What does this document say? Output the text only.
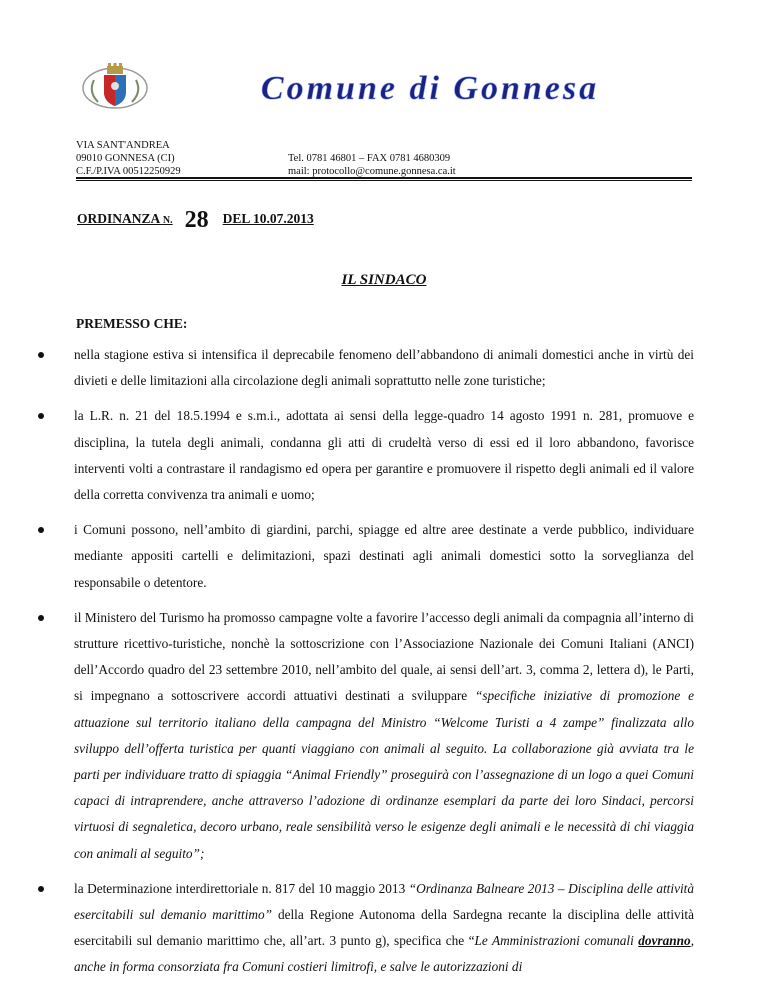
Comune di Gonnesa
VIA SANT'ANDREA
09010 GONNESA (CI)
C.F./P.IVA 00512250929
Tel. 0781 46801 – FAX 0781 4680309
mail: protocollo@comune.gonnesa.ca.it
ORDINANZA N. 28 DEL 10.07.2013
IL SINDACO
PREMESSO CHE:
nella stagione estiva si intensifica il deprecabile fenomeno dell’abbandono di animali domestici anche in virtù dei divieti e delle limitazioni alla circolazione degli animali soprattutto nelle zone turistiche;
la L.R. n. 21 del 18.5.1994 e s.m.i., adottata ai sensi della legge-quadro 14 agosto 1991 n. 281, promuove e disciplina, la tutela degli animali, condanna gli atti di crudeltà verso di essi ed il loro abbandono, favorisce interventi volti a contrastare il randagismo ed opera per garantire e promuovere il rispetto degli animali ed il valore della corretta convivenza tra animali e uomo;
i Comuni possono, nell’ambito di giardini, parchi, spiagge ed altre aree destinate a verde pubblico, individuare mediante appositi cartelli e delimitazioni, spazi destinati agli animali domestici sotto la sorveglianza del responsabile o detentore.
il Ministero del Turismo ha promosso campagne volte a favorire l’accesso degli animali da compagnia all’interno di strutture ricettivo-turistiche, nonchè la sottoscrizione con l’Associazione Nazionale dei Comuni Italiani (ANCI) dell’Accordo quadro del 23 settembre 2010, nell’ambito del quale, ai sensi dell’art. 3, comma 2, lettera d), le Parti, si impegnano a sottoscrivere accordi attuativi destinati a sviluppare “specifiche iniziative di promozione e attuazione sul territorio italiano della campagna del Ministro “Welcome Turisti a 4 zampe” finalizzata allo sviluppo dell’offerta turistica per quanti viaggiano con animali al seguito. La collaborazione già avviata tra le parti per individuare tratto di spiaggia “Animal Friendly” proseguirà con l’assegnazione di un logo a quei Comuni capaci di intraprendere, anche attraverso l’adozione di ordinanze esemplari da parte dei loro Sindaci, percorsi virtuosi di segnaletica, decoro urbano, reale sensibilità verso le esigenze degli animali e le necessità di chi viaggia con animali al seguito”;
la Determinazione interdirettoriale n. 817 del 10 maggio 2013 “Ordinanza Balneare 2013 – Disciplina delle attività esercitabili sul demanio marittimo” della Regione Autonoma della Sardegna recante la disciplina delle attività esercitabili sul demanio marittimo che, all’art. 3 punto g), specifica che “Le Amministrazioni comunali dovranno, anche in forma consorziata fra Comuni costieri limitrofi, e salve le autorizzazioni di
